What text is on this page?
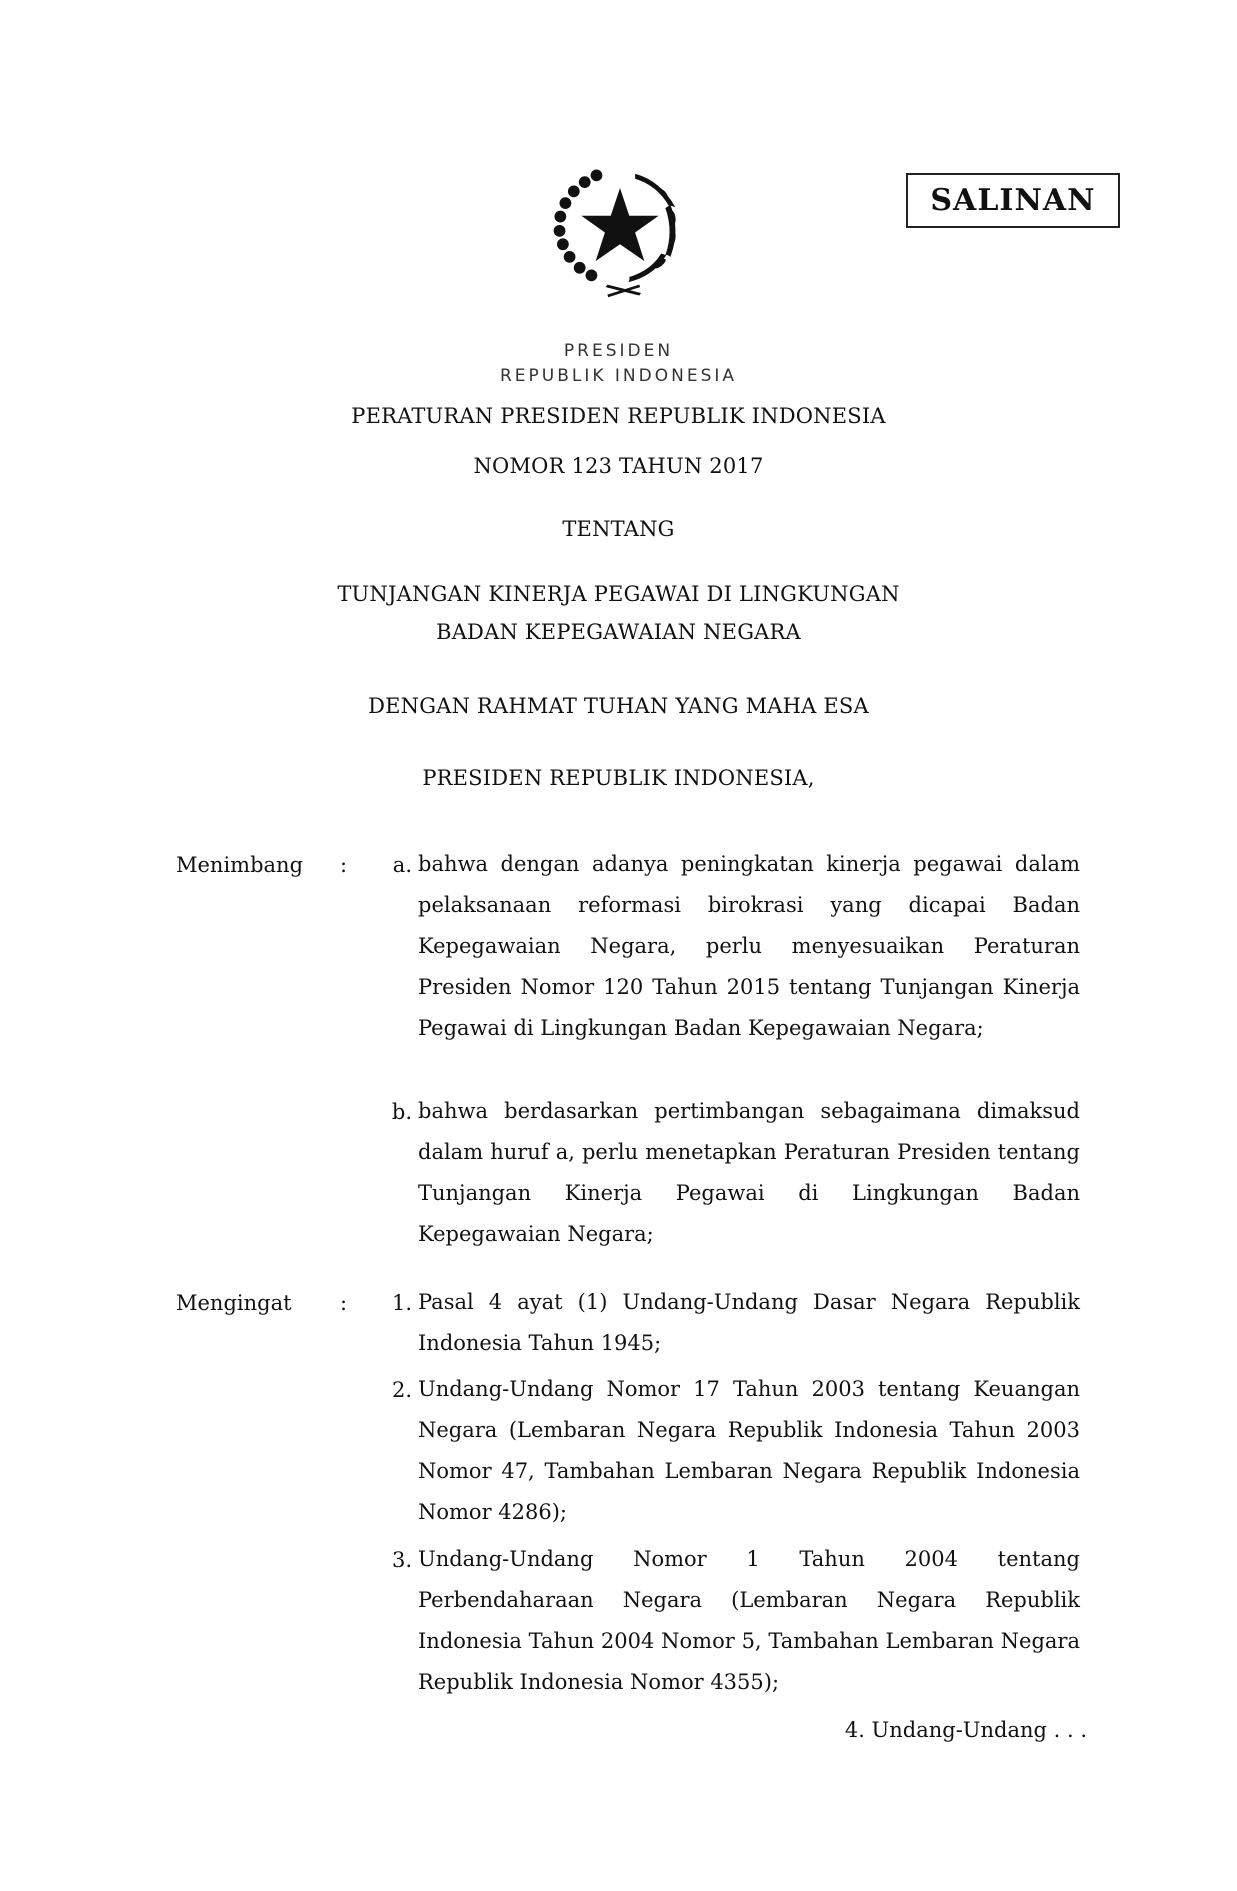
SALINAN
PRESIDEN
REPUBLIK INDONESIA
PERATURAN PRESIDEN REPUBLIK INDONESIA
NOMOR 123 TAHUN 2017
TENTANG
TUNJANGAN KINERJA PEGAWAI DI LINGKUNGAN
BADAN KEPEGAWAIAN NEGARA
DENGAN RAHMAT TUHAN YANG MAHA ESA
PRESIDEN REPUBLIK INDONESIA,
Menimbang :	a. bahwa dengan adanya peningkatan kinerja pegawai dalam pelaksanaan reformasi birokrasi yang dicapai Badan Kepegawaian Negara, perlu menyesuaikan Peraturan Presiden Nomor 120 Tahun 2015 tentang Tunjangan Kinerja Pegawai di Lingkungan Badan Kepegawaian Negara;
b. bahwa berdasarkan pertimbangan sebagaimana dimaksud dalam huruf a, perlu menetapkan Peraturan Presiden tentang Tunjangan Kinerja Pegawai di Lingkungan Badan Kepegawaian Negara;
Mengingat :	1. Pasal 4 ayat (1) Undang-Undang Dasar Negara Republik Indonesia Tahun 1945;
2. Undang-Undang Nomor 17 Tahun 2003 tentang Keuangan Negara (Lembaran Negara Republik Indonesia Tahun 2003 Nomor 47, Tambahan Lembaran Negara Republik Indonesia Nomor 4286);
3. Undang-Undang Nomor 1 Tahun 2004 tentang Perbendaharaan Negara (Lembaran Negara Republik Indonesia Tahun 2004 Nomor 5, Tambahan Lembaran Negara Republik Indonesia Nomor 4355);
4. Undang-Undang . . .
